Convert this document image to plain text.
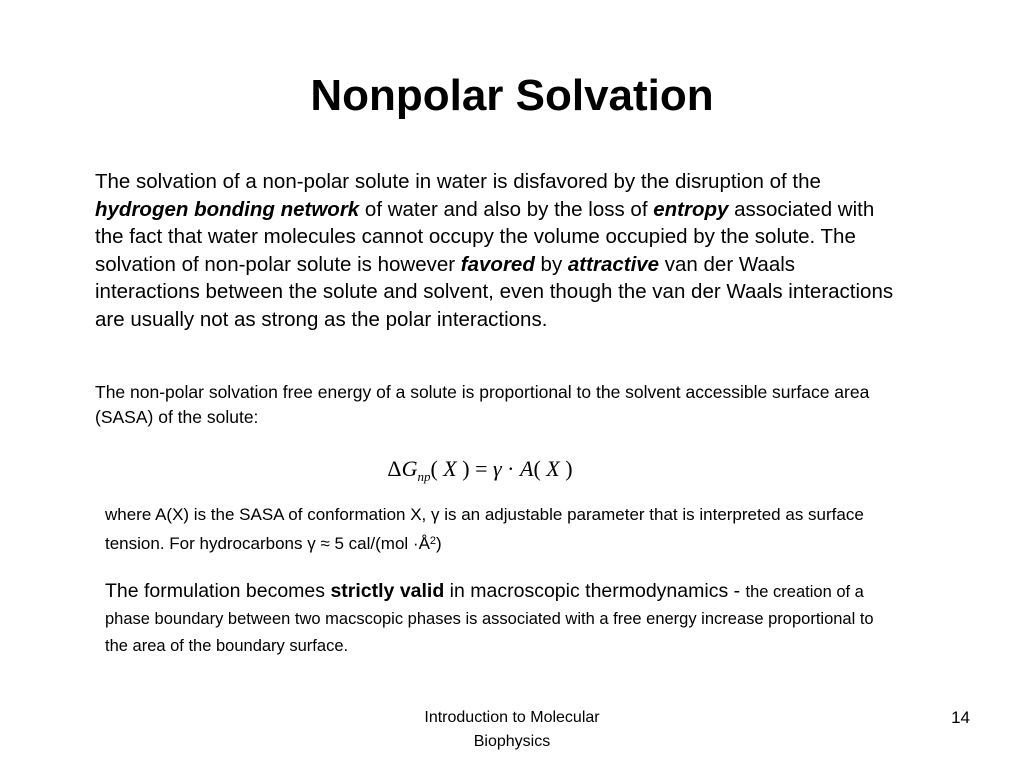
Nonpolar Solvation
The solvation of a non-polar solute in water is disfavored by the disruption of the hydrogen bonding network of water and also by the loss of entropy associated with the fact that water molecules cannot occupy the volume occupied by the solute. The solvation of non-polar solute is however favored by attractive van der Waals interactions between the solute and solvent, even though the van der Waals interactions are usually not as strong as the polar interactions.
The non-polar solvation free energy of a solute is proportional to the solvent accessible surface area (SASA) of the solute:
$\Delta G_{np}$( X ) = γ · A( X )
where A(X) is the SASA of conformation X, γ is an adjustable parameter that is interpreted as surface tension. For hydrocarbons γ ≈ 5 $cal/(mol \cdot Å^2)$
The formulation becomes strictly valid in macroscopic thermodynamics - the creation of a phase boundary between two macscopic phases is associated with a free energy increase proportional to the area of the boundary surface.
Introduction to Molecular Biophysics
14
